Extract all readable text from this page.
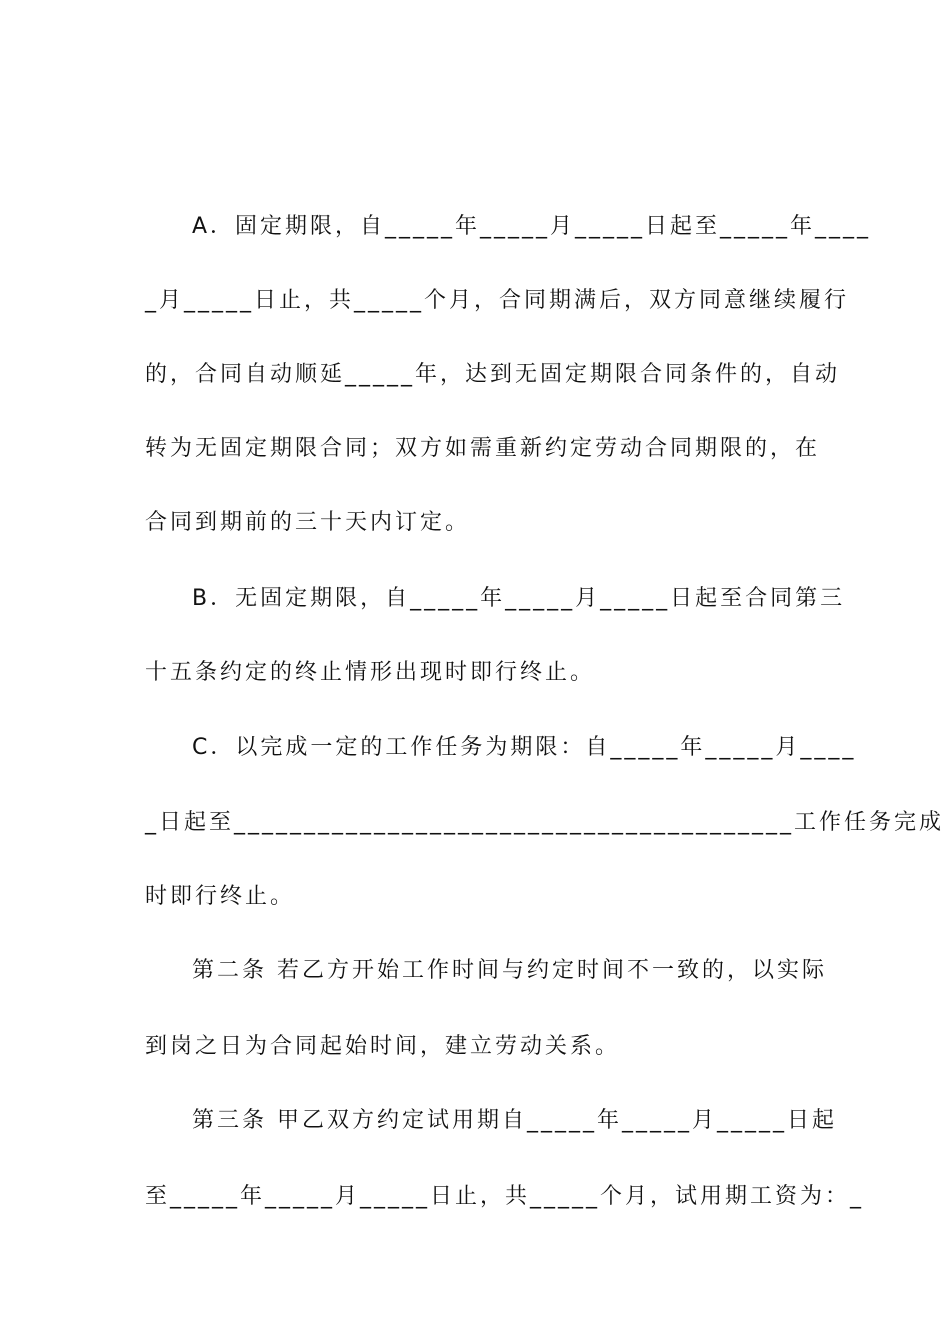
A．固定期限，自_____年_____月_____日起至_____年____
_月_____日止，共_____个月，合同期满后，双方同意继续履行
的，合同自动顺延_____年，达到无固定期限合同条件的，自动
转为无固定期限合同；双方如需重新约定劳动合同期限的，在
合同到期前的三十天内订定。
B．无固定期限，自_____年_____月_____日起至合同第三
十五条约定的终止情形出现时即行终止。
C．以完成一定的工作任务为期限：自_____年_____月____
_日起至________________________________________工作任务完成
时即行终止。
第二条 若乙方开始工作时间与约定时间不一致的，以实际
到岗之日为合同起始时间，建立劳动关系。
第三条 甲乙双方约定试用期自_____年_____月_____日起
至_____年_____月_____日止，共_____个月，试用期工资为：_
